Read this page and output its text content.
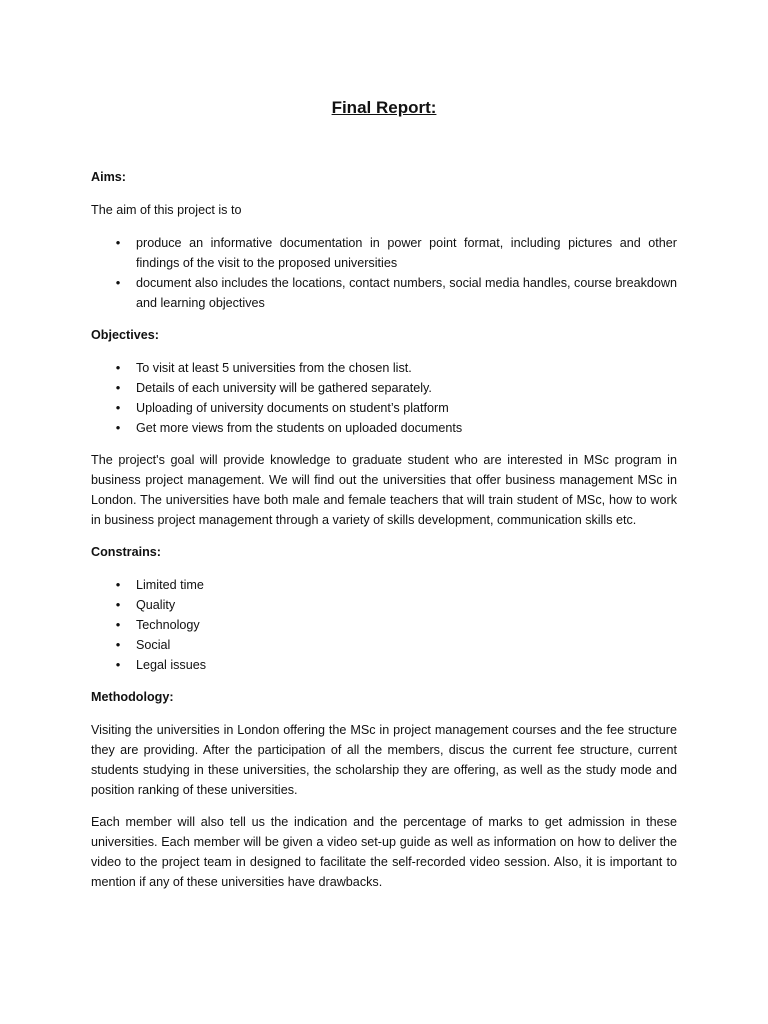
Final Report:
Aims:
The aim of this project is to
• produce an informative documentation in power point format, including pictures and other findings of the visit to the proposed universities
• document also includes the locations, contact numbers, social media handles, course breakdown and learning objectives
Objectives:
• To visit at least 5 universities from the chosen list.
• Details of each university will be gathered separately.
• Uploading of university documents on student’s platform
• Get more views from the students on uploaded documents
The project's goal will provide knowledge to graduate student who are interested in MSc program in business project management. We will find out the universities that offer business management MSc in London. The universities have both male and female teachers that will train student of MSc, how to work in business project management through a variety of skills development, communication skills etc.
Constrains:
• Limited time
• Quality
• Technology
• Social
• Legal issues
Methodology:
Visiting the universities in London offering the MSc in project management courses and the fee structure they are providing. After the participation of all the members, discus the current fee structure, current students studying in these universities, the scholarship they are offering, as well as the study mode and position ranking of these universities.
Each member will also tell us the indication and the percentage of marks to get admission in these universities. Each member will be given a video set-up guide as well as information on how to deliver the video to the project team in designed to facilitate the self-recorded video session. Also, it is important to mention if any of these universities have drawbacks.
